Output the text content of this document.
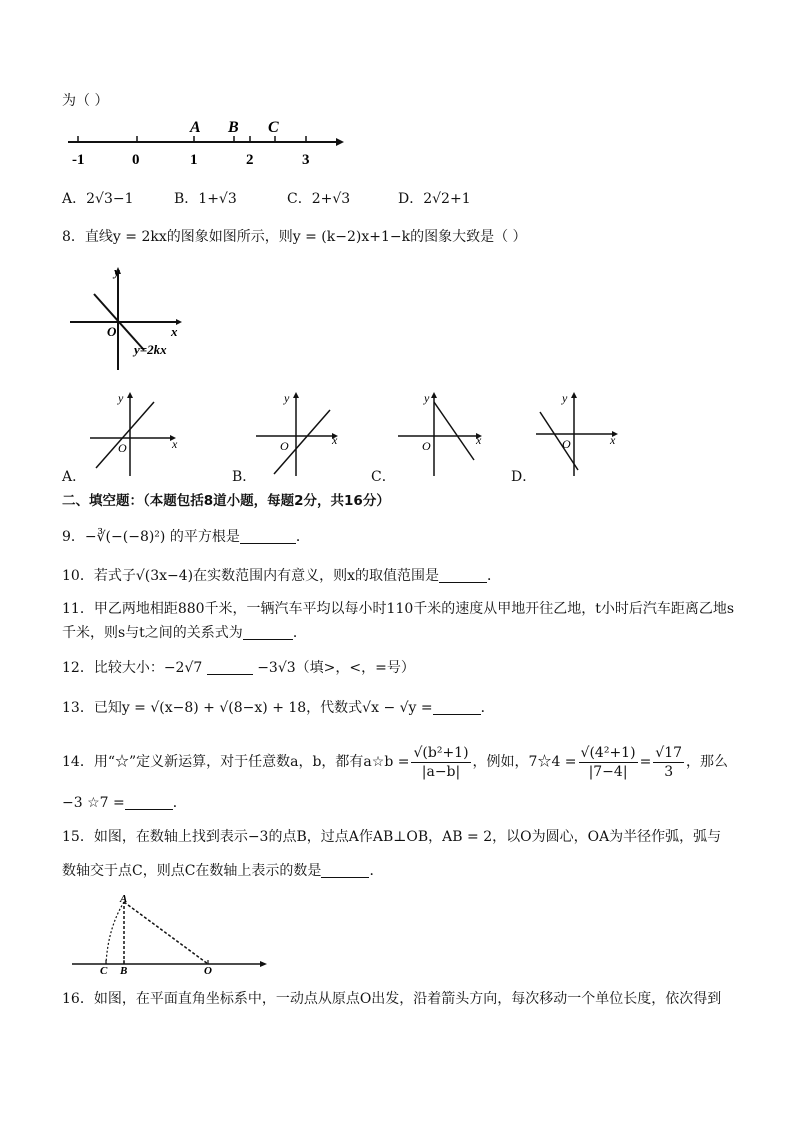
为（ ）
-1	0	1	2	3
A B C
A．2√3−1	B．1+√3	C．2+√3	D．2√2+1
8．直线y = 2kx的图象如图所示，则y = (k−2)x+1−k的图象大致是（ ）
y
x
O
y=2kx
y
x
O
A．
y
x
O
B．
y
x
O
C．
y
x
O
D．
二、填空题：（本题包括8道小题，每题2分，共16分）
9．−∛(−(−8)²) 的平方根是	．
10．若式子√(3x−4)在实数范围内有意义，则x的取值范围是	．
11．甲乙两地相距880千米，一辆汽车平均以每小时110千米的速度从甲地开往乙地，t小时后汽车距离乙地s
千米，则s与t之间的关系式为	．
12．比较大小：−2√7	−3√3（填>，<，=号）
13．已知y = √(x−8) + √(8−x) + 18，代数式√x − √y =	．
14．用“☆”定义新运算，对于任意数a，b，都有a☆b = $\frac{\text{√(b²+1)}}{|a-b|}$ ，例如，7☆4 = $\frac{\text{√(4²+1)}}{|7-4|} = \frac{√17}{3}$ ，那么
−3 ☆7 =	．
15．如图，在数轴上找到表示−3的点B，过点A作AB⊥OB，AB = 2，以O为圆心，OA为半径作弧，弧与
数轴交于点C，则点C在数轴上表示的数是	．
A
C B	O
16．如图，在平面直角坐标系中，一动点从原点O出发，沿着箭头方向，每次移动一个单位长度，依次得到
